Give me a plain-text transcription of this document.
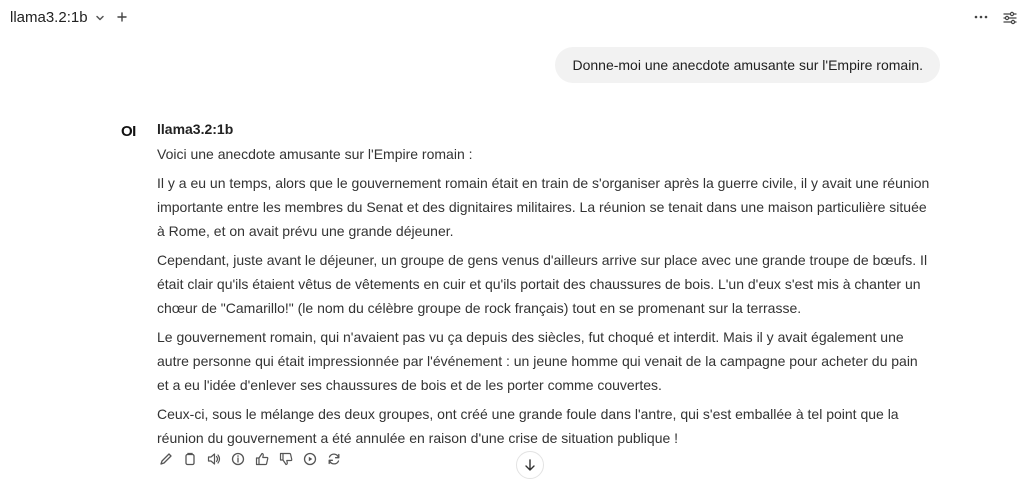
llama3.2:1b
Donne-moi une anecdote amusante sur l'Empire romain.
OI	llama3.2:1b

Voici une anecdote amusante sur l'Empire romain :

Il y a eu un temps, alors que le gouvernement romain était en train de s'organiser après la guerre civile, il y avait une réunion

importante entre les membres du Senat et des dignitaires militaires. La réunion se tenait dans une maison particulière située

à Rome, et on avait prévu une grande déjeuner.

Cependant, juste avant le déjeuner, un groupe de gens venus d'ailleurs arrive sur place avec une grande troupe de bœufs. Il

était clair qu'ils étaient vêtus de vêtements en cuir et qu'ils portait des chaussures de bois. L'un d'eux s'est mis à chanter un

chœur de "Camarillo!" (le nom du célèbre groupe de rock français) tout en se promenant sur la terrasse.

Le gouvernement romain, qui n'avaient pas vu ça depuis des siècles, fut choqué et interdit. Mais il y avait également une

autre personne qui était impressionnée par l'événement : un jeune homme qui venait de la campagne pour acheter du pain

et a eu l'idée d'enlever ses chaussures de bois et de les porter comme couvertes.

Ceux-ci, sous le mélange des deux groupes, ont créé une grande foule dans l'antre, qui s'est emballée à tel point que la

réunion du gouvernement a été annulée en raison d'une crise de situation publique !
